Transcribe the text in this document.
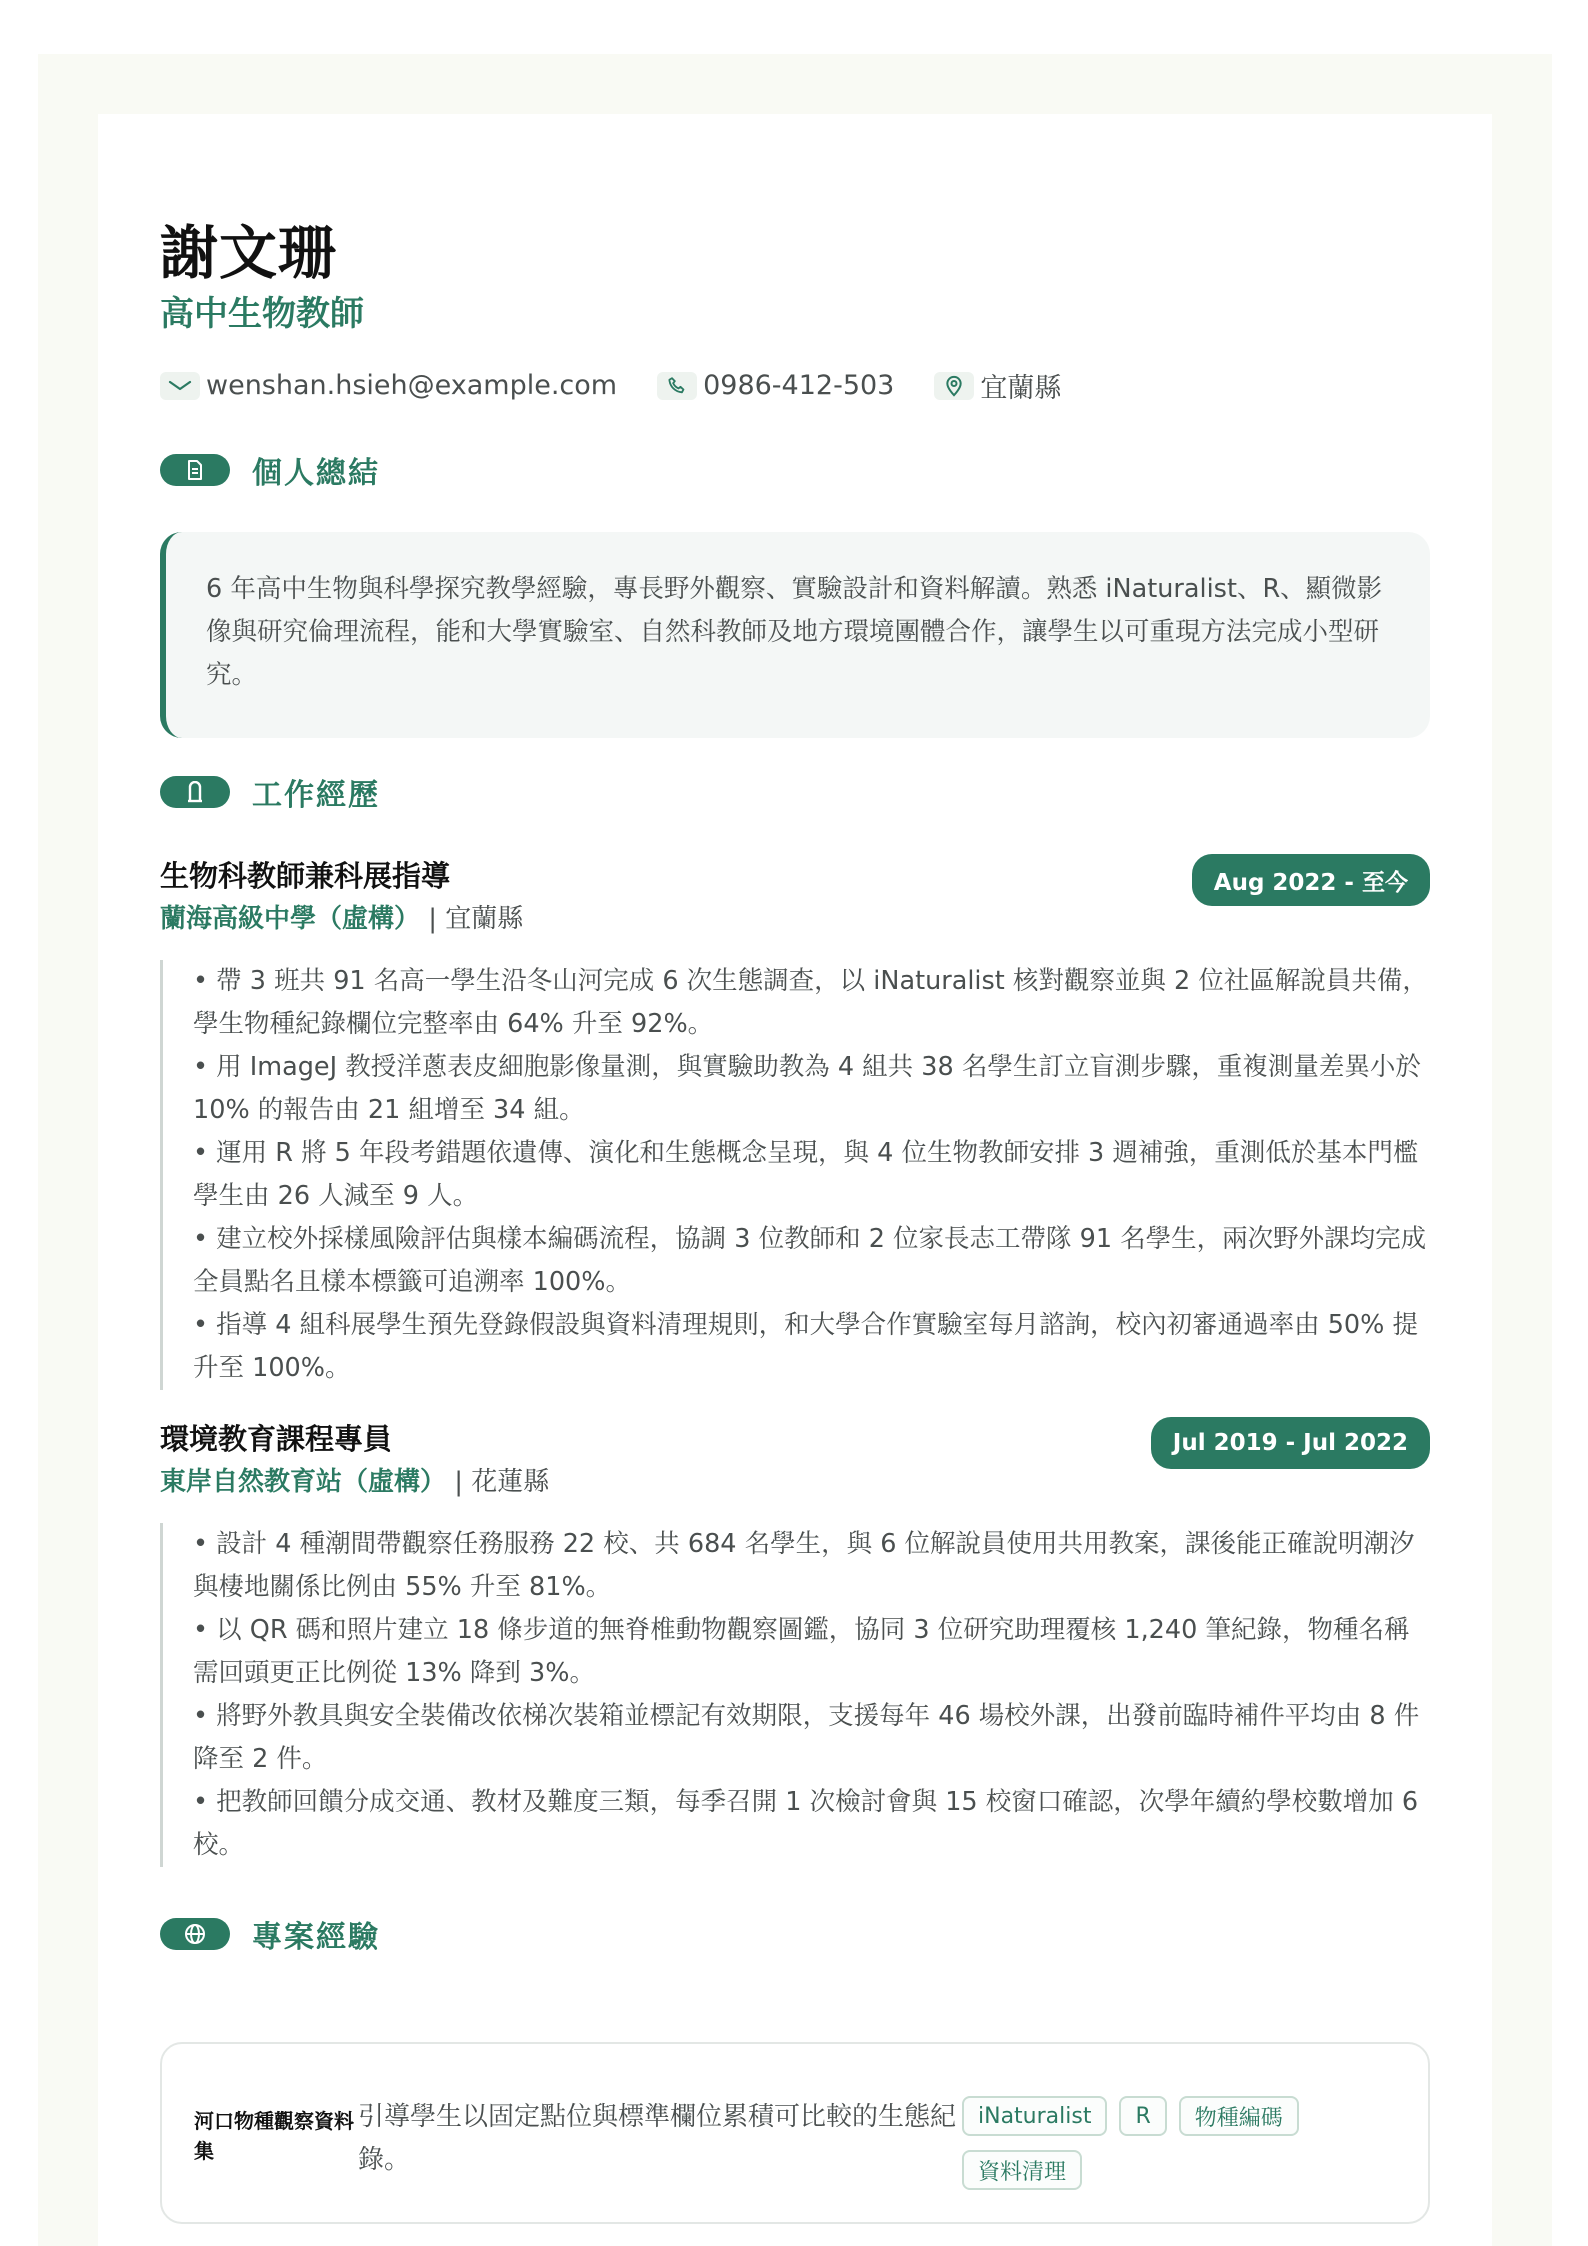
謝文珊
高中生物教師
wenshan.hsieh@example.com	0986-412-503	宜蘭縣
個人總結
6 年高中生物與科學探究教學經驗，專長野外觀察、實驗設計和資料解讀。熟悉 iNaturalist、R、顯微影像與研究倫理流程，能和大學實驗室、自然科教師及地方環境團體合作，讓學生以可重現方法完成小型研究。
工作經歷
生物科教師兼科展指導
蘭海高級中學（虛構） | 宜蘭縣
Aug 2022 - 至今
• 帶 3 班共 91 名高一學生沿冬山河完成 6 次生態調查，以 iNaturalist 核對觀察並與 2 位社區解說員共備，學生物種紀錄欄位完整率由 64% 升至 92%。
• 用 ImageJ 教授洋蔥表皮細胞影像量測，與實驗助教為 4 組共 38 名學生訂立盲測步驟，重複測量差異小於 10% 的報告由 21 組增至 34 組。
• 運用 R 將 5 年段考錯題依遺傳、演化和生態概念呈現，與 4 位生物教師安排 3 週補強，重測低於基本門檻學生由 26 人減至 9 人。
• 建立校外採樣風險評估與樣本編碼流程，協調 3 位教師和 2 位家長志工帶隊 91 名學生，兩次野外課均完成全員點名且樣本標籤可追溯率 100%。
• 指導 4 組科展學生預先登錄假設與資料清理規則，和大學合作實驗室每月諮詢，校內初審通過率由 50% 提升至 100%。
環境教育課程專員
東岸自然教育站（虛構） | 花蓮縣
Jul 2019 - Jul 2022
• 設計 4 種潮間帶觀察任務服務 22 校、共 684 名學生，與 6 位解說員使用共用教案，課後能正確說明潮汐與棲地關係比例由 55% 升至 81%。
• 以 QR 碼和照片建立 18 條步道的無脊椎動物觀察圖鑑，協同 3 位研究助理覆核 1,240 筆紀錄，物種名稱需回頭更正比例從 13% 降到 3%。
• 將野外教具與安全裝備改依梯次裝箱並標記有效期限，支援每年 46 場校外課，出發前臨時補件平均由 8 件降至 2 件。
• 把教師回饋分成交通、教材及難度三類，每季召開 1 次檢討會與 15 校窗口確認，次學年續約學校數增加 6 校。
專案經驗
河口物種觀察資料集
引導學生以固定點位與標準欄位累積可比較的生態紀錄。
iNaturalist	R	物種編碼
資料清理
